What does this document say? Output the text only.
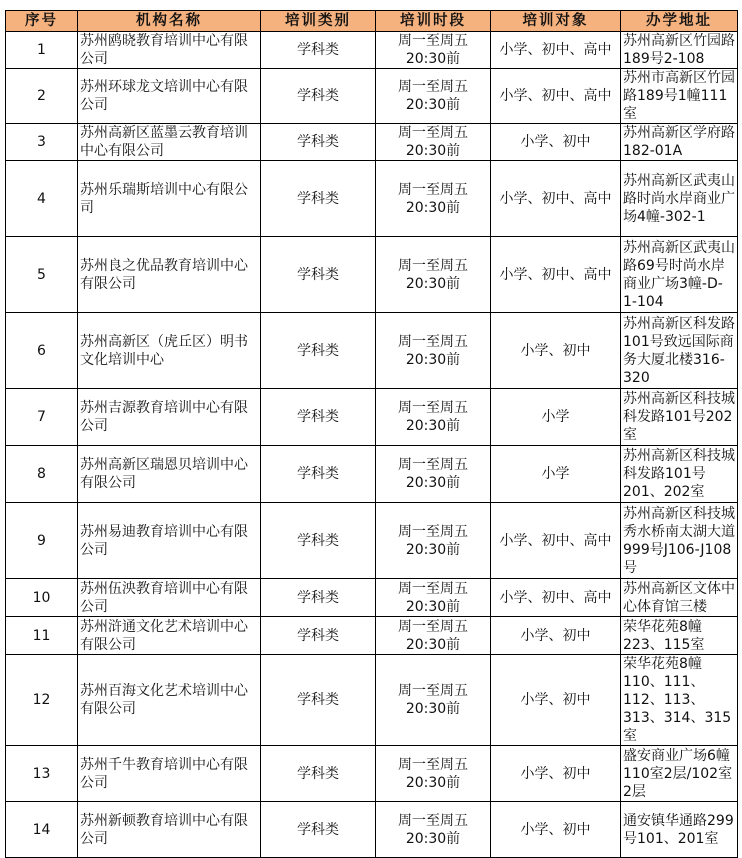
序号	机构名称	培训类别	培训时段	培训对象	办学地址
1	苏州鸥晓教育培训中心有限公司	学科类	周一至周五20:30前	小学、初中、高中	苏州高新区竹园路189号2-108
2	苏州环球龙文培训中心有限公司	学科类	周一至周五20:30前	小学、初中、高中	苏州市高新区竹园路189号1幢111室
3	苏州高新区蓝墨云教育培训中心有限公司	学科类	周一至周五20:30前	小学、初中	苏州高新区学府路182-01A
4	苏州乐瑞斯培训中心有限公司	学科类	周一至周五20:30前	小学、初中、高中	苏州高新区武夷山路时尚水岸商业广场4幢-302-1
5	苏州良之优品教育培训中心有限公司	学科类	周一至周五20:30前	小学、初中、高中	苏州高新区武夷山路69号时尚水岸商业广场3幢-D-1-104
6	苏州高新区（虎丘区）明书文化培训中心	学科类	周一至周五20:30前	小学、初中	苏州高新区科发路101号致远国际商务大厦北楼316-320
7	苏州吉源教育培训中心有限公司	学科类	周一至周五20:30前	小学	苏州高新区科技城科发路101号202室
8	苏州高新区瑞恩贝培训中心有限公司	学科类	周一至周五20:30前	小学	苏州高新区科技城科发路101号201、202室
9	苏州易迪教育培训中心有限公司	学科类	周一至周五20:30前	小学、初中、高中	苏州高新区科技城秀水桥南太湖大道999号J106-J108号
10	苏州伍泱教育培训中心有限公司	学科类	周一至周五20:30前	小学、初中、高中	苏州高新区文体中心体育馆三楼
11	苏州浒通文化艺术培训中心有限公司	学科类	周一至周五20:30前	小学、初中	荣华花苑8幢223、115室
12	苏州百海文化艺术培训中心有限公司	学科类	周一至周五20:30前	小学、初中	荣华花苑8幢110、111、112、113、313、314、315室
13	苏州千牛教育培训中心有限公司	学科类	周一至周五20:30前	小学、初中	盛安商业广场6幢110室2层/102室2层
14	苏州新顿教育培训中心有限公司	学科类	周一至周五20:30前	小学、初中	通安镇华通路299号101、201室
